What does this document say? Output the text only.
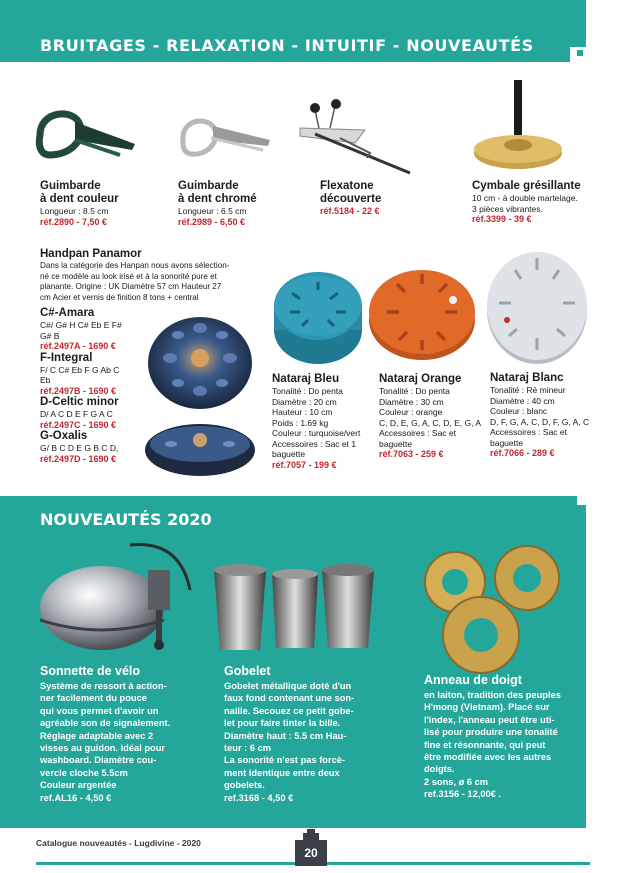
BRUITAGES - RELAXATION - INTUITIF - NOUVEAUTÉS
Guimbarde
à dent couleur
Longueur : 8.5 cm
réf.2890 - 7,50 €
Guimbarde
à dent chromé
Longueur : 6.5 cm
réf.2989 - 6,50 €
Flexatone
découverte
réf.5184 - 22 €
Cymbale grésillante
10 cm - à double martelage.
3 pièces vibrantes.
réf.3399 - 39 €
Handpan Panamor
Dans la catégorie des Hanpan nous avons sélection-
né ce modèle au look irisé et à la sonorité pure et
planante. Origine : UK Diamètre 57 cm Hauteur 27
cm Acier et vernis de finition 8 tons + central
C#-Amara
C#/ G# H C# Eb E F#
G# B
réf.2497A - 1690 €
F-Integral
F/ C C# Eb F G Ab C
Eb
réf.2497B - 1690 €
D-Celtic minor
D/ A C D E F G A C
réf.2497C - 1690 €
G-Oxalis
G/ B C D E G B C D,
réf.2497D - 1690 €
Nataraj Bleu
Tonalité : Do penta
Diamètre : 20 cm
Hauteur : 10 cm
Poids : 1.69 kg
Couleur : turquoise/vert
Accessoires : Sac et 1
baguette
réf.7057 - 199 €
Nataraj Orange
Tonalité : Do penta
Diamètre : 30 cm
Couleur : orange
C, D, E, G, A, C, D, E, G, A
Accessoires : Sac et
baguette
réf.7063 - 259 €
Nataraj Blanc
Tonalité : Ré mineur
Diamètre : 40 cm
Couleur : blanc
D, F, G, A, C, D, F, G, A, C
Accessoires : Sac et
baguette
réf.7066 - 289 €
NOUVEAUTÉS 2020
Sonnette de vélo
Système de ressort à action-
ner facilement du pouce
qui vous permet d'avoir un
agréable son de signalement.
Réglage adaptable avec 2
visses au guidon. idéal pour
washboard. Diamètre cou-
vercle cloche 5.5cm
Couleur argentée
ref.AL16 - 4,50 €
Gobelet
Gobelet métallique doté d'un
faux fond contenant une son-
naille. Secouez ce petit gobe-
let pour faire tinter la bille.
Diamètre haut : 5.5 cm Hau-
teur : 6 cm
La sonorité n'est pas forcè-
ment identique entre deux
gobelets.
ref.3168 - 4,50 €
Anneau de doigt
en laiton, tradition des peuples
H'mong (Vietnam). Placé sur
l'index, l'anneau peut être uti-
lisé pour produire une tonalité
fine et résonnante, qui peut
être modifiée avec les autres
doigts.
2 sons, ø 6 cm
ref.3156 - 12,00€ .
Catalogue nouveautés - Lugdivine - 2020
20
